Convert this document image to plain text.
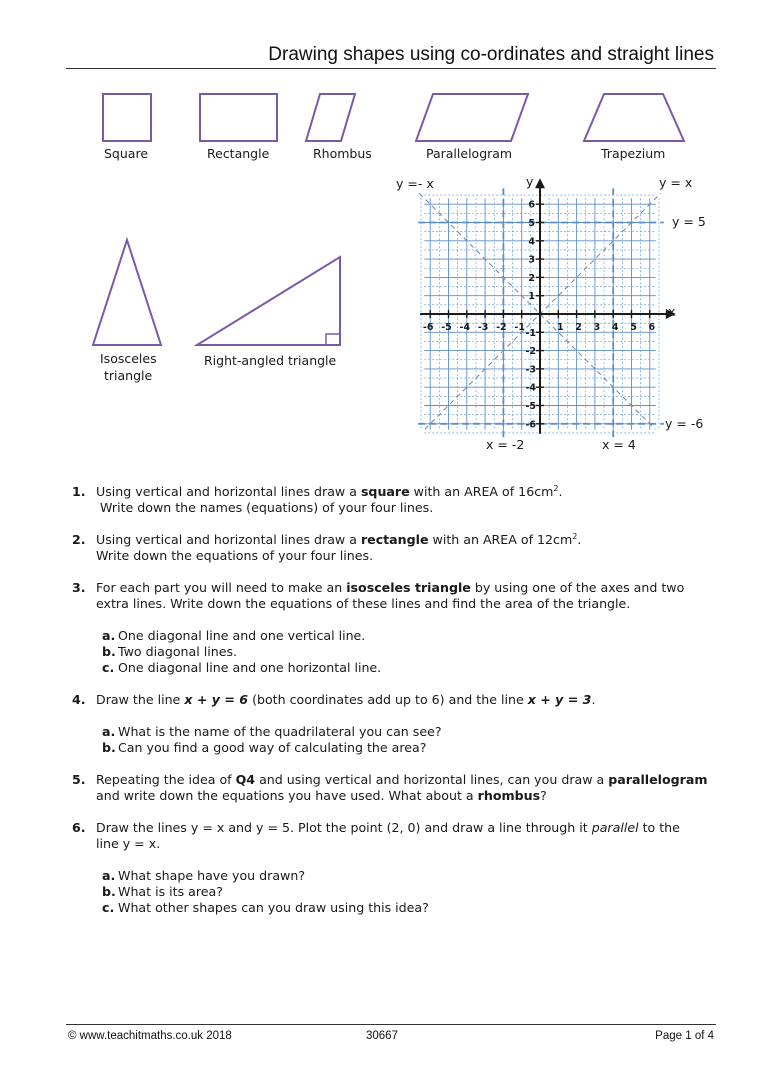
Drawing shapes using co-ordinates and straight lines
Square	Rectangle	Rhombus	Parallelogram	Trapezium
Isosceles
triangle
Right-angled triangle
-6 -5 -4 -3 -2 -1	1 2 3 4 5 6
6
5
4
3
2
1
-1
-2
-3
-4
-5
-6
y =- x	y = x
y
y = 5
x
y = -6
x = -2	x = 4
1. Using vertical and horizontal lines draw a square with an AREA of $16cm^2$.
Write down the names (equations) of your four lines.
2. Using vertical and horizontal lines draw a rectangle with an AREA of $12cm^2$.
Write down the equations of your four lines.
3. For each part you will need to make an isosceles triangle by using one of the axes and two
extra lines. Write down the equations of these lines and find the area of the triangle.
a. One diagonal line and one vertical line.
b. Two diagonal lines.
c. One diagonal line and one horizontal line.
4. Draw the line x + y = 6 (both coordinates add up to 6) and the line x + y = 3.
a. What is the name of the quadrilateral you can see?
b. Can you find a good way of calculating the area?
5. Repeating the idea of Q4 and using vertical and horizontal lines, can you draw a parallelogram
and write down the equations you have used. What about a rhombus?
6. Draw the lines y = x and y = 5. Plot the point (2, 0) and draw a line through it parallel to the
line y = x.
a. What shape have you drawn?
b. What is its area?
c. What other shapes can you draw using this idea?
© www.teachitmaths.co.uk 2018	30667	Page 1 of 4
